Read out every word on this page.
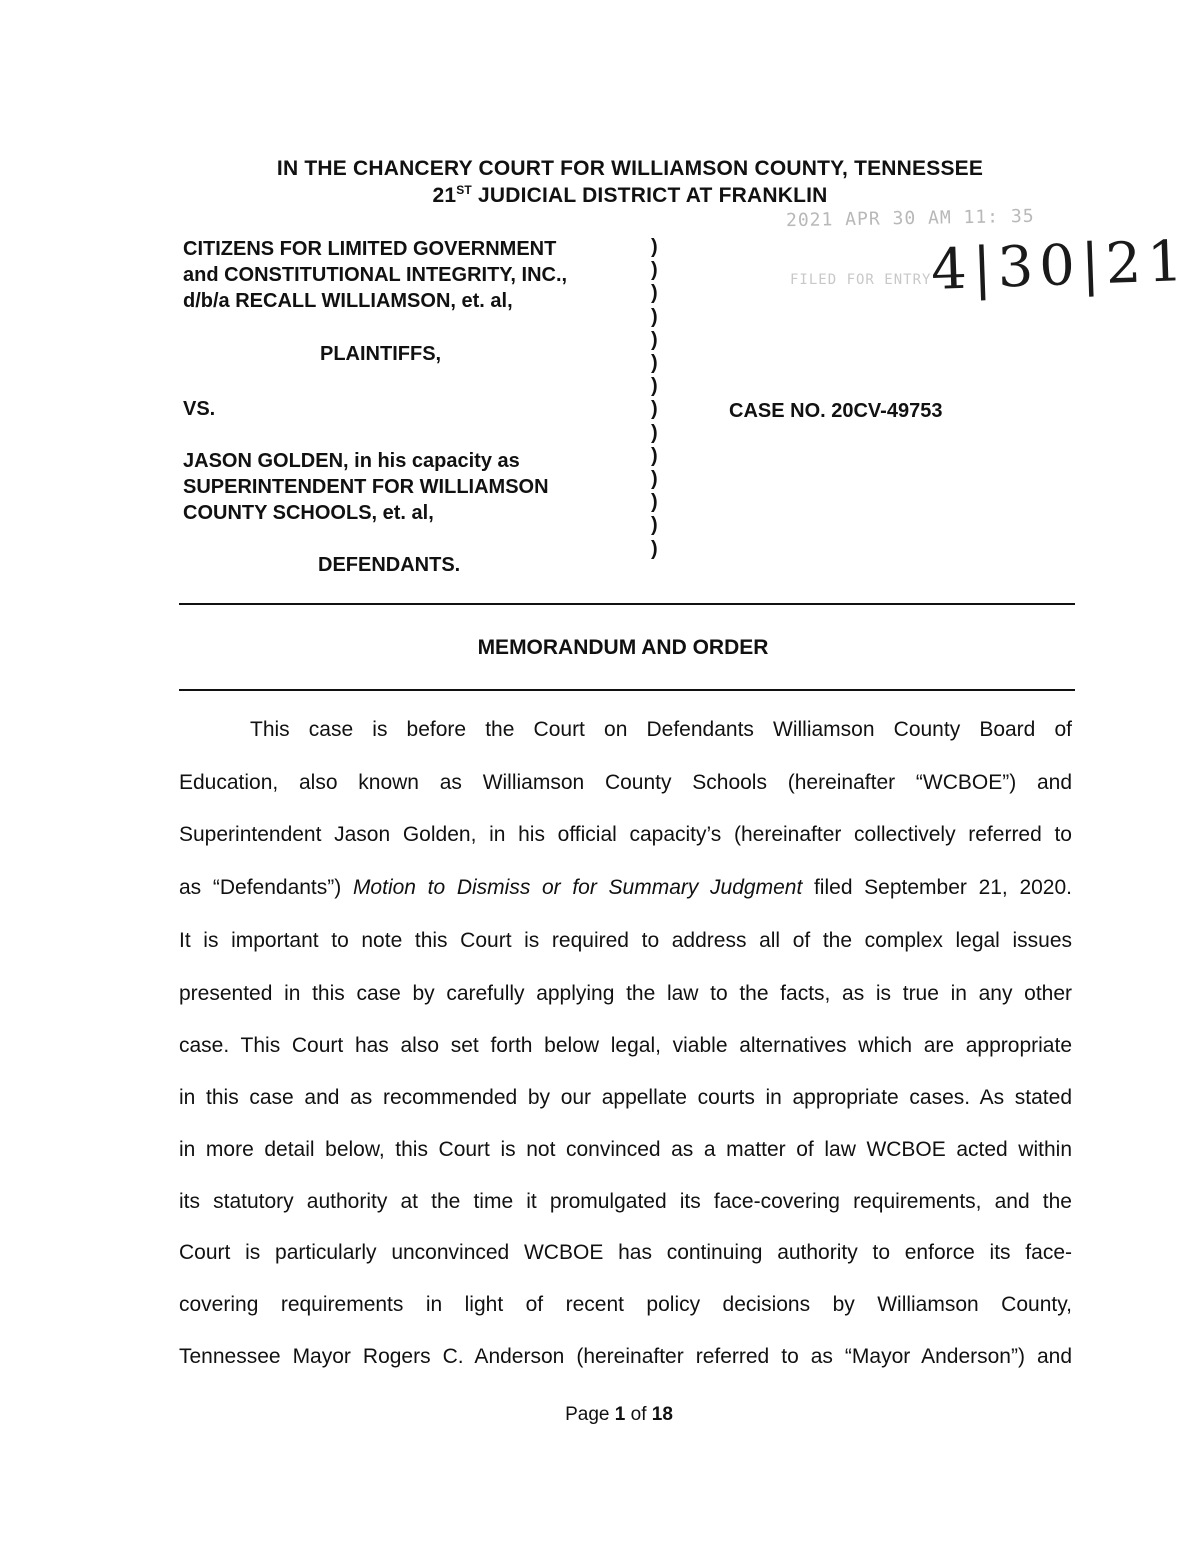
IN THE CHANCERY COURT FOR WILLIAMSON COUNTY, TENNESSEE
21ST JUDICIAL DISTRICT AT FRANKLIN
2021 APR 30 AM 11: 35
FILED FOR ENTRY
4|30|21
CITIZENS FOR LIMITED GOVERNMENT
and CONSTITUTIONAL INTEGRITY, INC.,
d/b/a RECALL WILLIAMSON, et. al,
PLAINTIFFS,
VS.
JASON GOLDEN, in his capacity as
SUPERINTENDENT FOR WILLIAMSON
COUNTY SCHOOLS, et. al,
DEFENDANTS.
CASE NO. 20CV-49753
)
)
)
)
)
)
)
)
)
)
)
)
)
)
MEMORANDUM AND ORDER
This case is before the Court on Defendants Williamson County Board of
Education, also known as Williamson County Schools (hereinafter “WCBOE”) and
Superintendent Jason Golden, in his official capacity’s (hereinafter collectively referred to
as “Defendants”) Motion to Dismiss or for Summary Judgment filed September 21, 2020.
It is important to note this Court is required to address all of the complex legal issues
presented in this case by carefully applying the law to the facts, as is true in any other
case. This Court has also set forth below legal, viable alternatives which are appropriate
in this case and as recommended by our appellate courts in appropriate cases. As stated
in more detail below, this Court is not convinced as a matter of law WCBOE acted within
its statutory authority at the time it promulgated its face-covering requirements, and the
Court is particularly unconvinced WCBOE has continuing authority to enforce its face-
covering requirements in light of recent policy decisions by Williamson County,
Tennessee Mayor Rogers C. Anderson (hereinafter referred to as “Mayor Anderson”) and
Page 1 of 18
